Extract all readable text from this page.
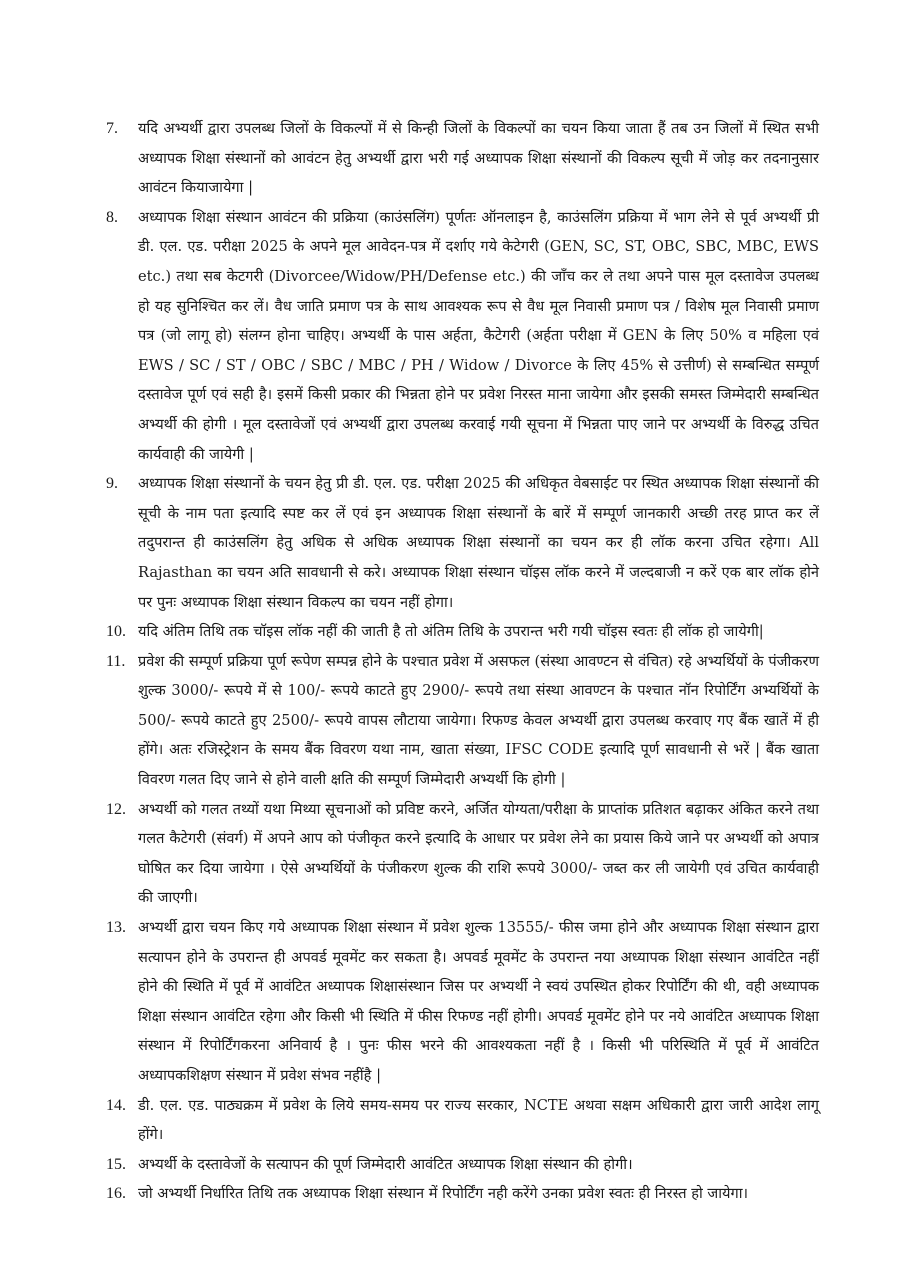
7.	यदि अभ्यर्थी द्वारा उपलब्ध जिलों के विकल्पों में से किन्ही जिलों के विकल्पों का चयन किया जाता हैं तब उन जिलों में स्थित सभी अध्यापक शिक्षा संस्थानों को आवंटन हेतु अभ्यर्थी द्वारा भरी गई अध्यापक शिक्षा संस्थानों की विकल्प सूची में जोड़ कर तदनानुसार आवंटन कियाजायेगा |
8.	अध्यापक शिक्षा संस्थान आवंटन की प्रक्रिया (काउंसलिंग) पूर्णतः ऑनलाइन है, काउंसलिंग प्रक्रिया में भाग लेने से पूर्व अभ्यर्थी प्री डी. एल. एड. परीक्षा 2025 के अपने मूल आवेदन-पत्र में दर्शाए गये केटेगरी (GEN, SC, ST, OBC, SBC, MBC, EWS etc.) तथा सब केटगरी (Divorcee/Widow/PH/Defense etc.) की जाँच कर ले तथा अपने पास मूल दस्तावेज उपलब्ध हो यह सुनिश्चित कर लें। वैध जाति प्रमाण पत्र के साथ आवश्यक रूप से वैध मूल निवासी प्रमाण पत्र / विशेष मूल निवासी प्रमाण पत्र (जो लागू हो) संलग्न होना चाहिए। अभ्यर्थी के पास अर्हता, कैटेगरी (अर्हता परीक्षा में GEN के लिए 50% व महिला एवं EWS / SC / ST / OBC / SBC / MBC / PH / Widow / Divorce के लिए 45% से उत्तीर्ण) से सम्बन्धित सम्पूर्ण दस्तावेज पूर्ण एवं सही है। इसमें किसी प्रकार की भिन्नता होने पर प्रवेश निरस्त माना जायेगा और इसकी समस्त जिम्मेदारी सम्बन्धित अभ्यर्थी की होगी । मूल दस्तावेजों एवं अभ्यर्थी द्वारा उपलब्ध करवाई गयी सूचना में भिन्नता पाए जाने पर अभ्यर्थी के विरुद्ध उचित कार्यवाही की जायेगी |
9.	अध्यापक शिक्षा संस्थानों के चयन हेतु प्री डी. एल. एड. परीक्षा 2025 की अधिकृत वेबसाईट पर स्थित अध्यापक शिक्षा संस्थानों की सूची के नाम पता इत्यादि स्पष्ट कर लें एवं इन अध्यापक शिक्षा संस्थानों के बारें में सम्पूर्ण जानकारी अच्छी तरह प्राप्त कर लें तदुपरान्त ही काउंसलिंग हेतु अधिक से अधिक अध्यापक शिक्षा संस्थानों का चयन कर ही लॉक करना उचित रहेगा। All Rajasthan का चयन अति सावधानी से करे। अध्यापक शिक्षा संस्थान चॉइस लॉक करने में जल्दबाजी न करें एक बार लॉक होने पर पुनः अध्यापक शिक्षा संस्थान विकल्प का चयन नहीं होगा।
10. यदि अंतिम तिथि तक चॉइस लॉक नहीं की जाती है तो अंतिम तिथि के उपरान्त भरी गयी चॉइस स्वतः ही लॉक हो जायेगी|
11. प्रवेश की सम्पूर्ण प्रक्रिया पूर्ण रूपेण सम्पन्न होने के पश्चात प्रवेश में असफल (संस्था आवण्टन से वंचित) रहे अभ्यर्थियों के पंजीकरण शुल्क 3000/- रूपये में से 100/- रूपये काटते हुए 2900/- रूपये तथा संस्था आवण्टन के पश्चात नॉन रिपोर्टिंग अभ्यर्थियों के 500/- रूपये काटते हुए 2500/- रूपये वापस लौटाया जायेगा। रिफण्ड केवल अभ्यर्थी द्वारा उपलब्ध करवाए गए बैंक खातें में ही होंगे। अतः रजिस्ट्रेशन के समय बैंक विवरण यथा नाम, खाता संख्या, IFSC CODE इत्यादि पूर्ण सावधानी से भरें | बैंक खाता विवरण गलत दिए जाने से होने वाली क्षति की सम्पूर्ण जिम्मेदारी अभ्यर्थी कि होगी |
12. अभ्यर्थी को गलत तथ्यों यथा मिथ्या सूचनाओं को प्रविष्ट करने, अर्जित योग्यता/परीक्षा के प्राप्तांक प्रतिशत बढ़ाकर अंकित करने तथा गलत कैटेगरी (संवर्ग) में अपने आप को पंजीकृत करने इत्यादि के आधार पर प्रवेश लेने का प्रयास किये जाने पर अभ्यर्थी को अपात्र घोषित कर दिया जायेगा । ऐसे अभ्यर्थियों के पंजीकरण शुल्क की राशि रूपये 3000/- जब्त कर ली जायेगी एवं उचित कार्यवाही की जाएगी।
13. अभ्यर्थी द्वारा चयन किए गये अध्यापक शिक्षा संस्थान में प्रवेश शुल्क 13555/- फीस जमा होने और अध्यापक शिक्षा संस्थान द्वारा सत्यापन होने के उपरान्त ही अपवर्ड मूवमेंट कर सकता है। अपवर्ड मूवमेंट के उपरान्त नया अध्यापक शिक्षा संस्थान आवंटित नहीं होने की स्थिति में पूर्व में आवंटित अध्यापक शिक्षासंस्थान जिस पर अभ्यर्थी ने स्वयं उपस्थित होकर रिपोर्टिंग की थी, वही अध्यापक शिक्षा संस्थान आवंटित रहेगा और किसी भी स्थिति में फीस रिफण्ड नहीं होगी। अपवर्ड मूवमेंट होने पर नये आवंटित अध्यापक शिक्षा संस्थान में रिपोर्टिंगकरना अनिवार्य है । पुनः फीस भरने की आवश्यकता नहीं है । किसी भी परिस्थिति में पूर्व में आवंटित अध्यापकशिक्षण संस्थान में प्रवेश संभव नहींहै |
14. डी. एल. एड. पाठ्यक्रम में प्रवेश के लिये समय-समय पर राज्य सरकार, NCTE अथवा सक्षम अधिकारी द्वारा जारी आदेश लागू होंगे।
15. अभ्यर्थी के दस्तावेजों के सत्यापन की पूर्ण जिम्मेदारी आवंटित अध्यापक शिक्षा संस्थान की होगी।
16. जो अभ्यर्थी निर्धारित तिथि तक अध्यापक शिक्षा संस्थान में रिपोर्टिंग नही करेंगे उनका प्रवेश स्वतः ही निरस्त हो जायेगा।
